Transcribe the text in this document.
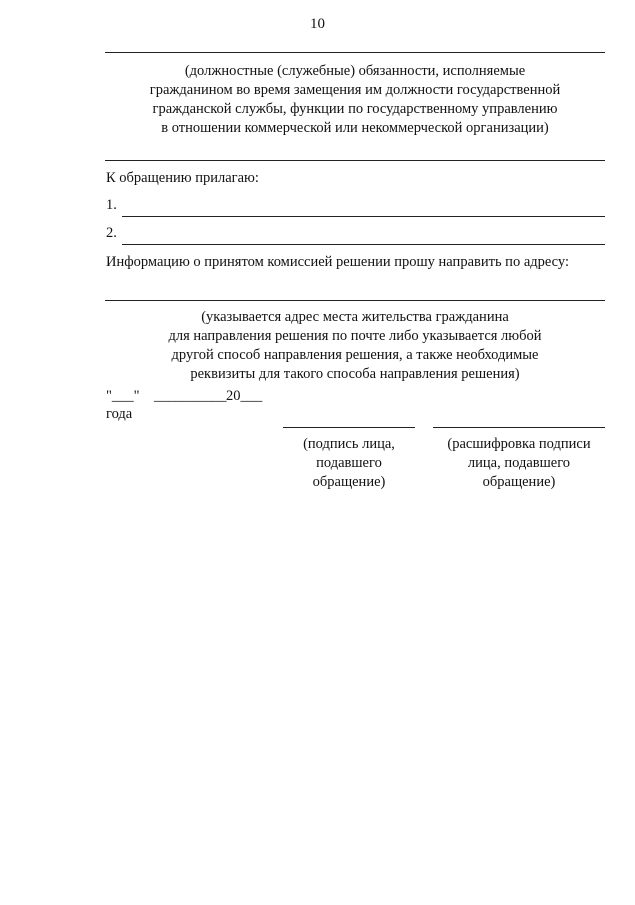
10
(должностные (служебные) обязанности, исполняемые
гражданином во время замещения им должности государственной
гражданской службы, функции по государственному управлению
в отношении коммерческой или некоммерческой организации)
К обращению прилагаю:
1.
2.
Информацию о принятом комиссией решении прошу направить по адресу:
(указывается адрес места жительства гражданина
для направления решения по почте либо указывается любой
другой способ направления решения, а также необходимые
реквизиты для такого способа направления решения)
"___" __________ 20___
года
(подпись лица,
подавшего
обращение)
(расшифровка подписи
лица, подавшего
обращение)
